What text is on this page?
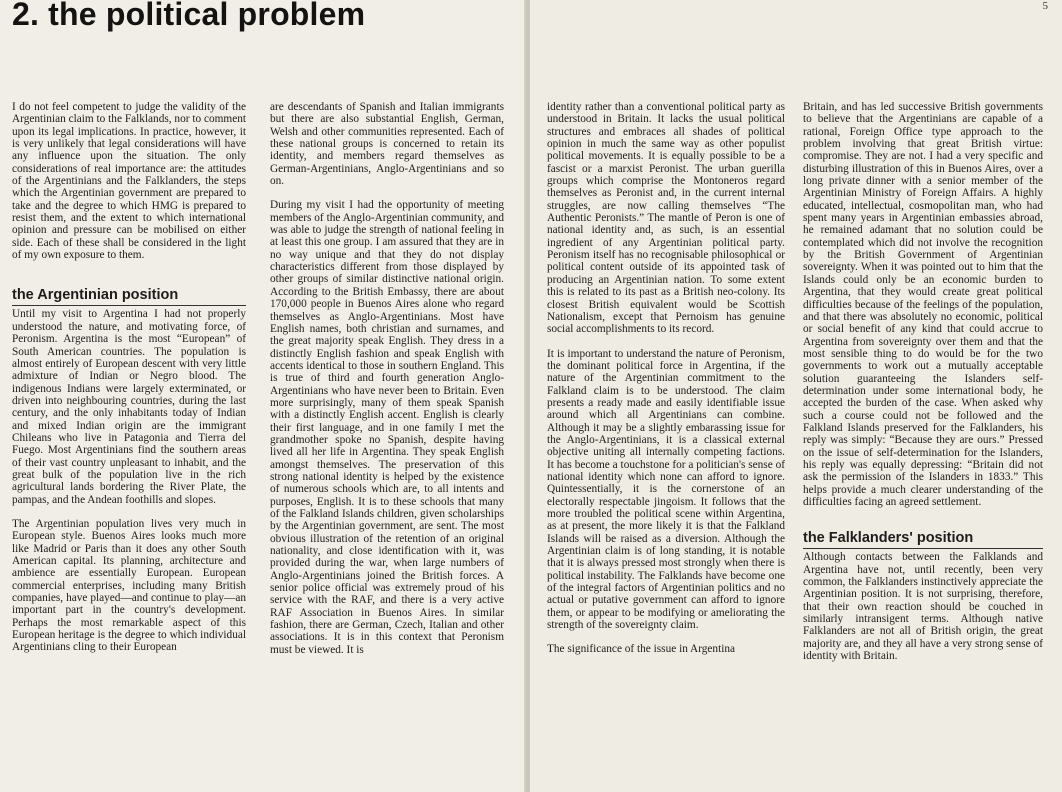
2. the political problem

I do not feel competent to judge the validity of the Argentinian claim to the Falklands, nor to comment upon its legal implications. In practice, however, it is very unlikely that legal considerations will have any influence upon the situation. The only considerations of real importance are: the attitudes of the Argentinians and the Falklanders, the steps which the Argentinian government are prepared to take and the degree to which HMG is prepared to resist them, and the extent to which international opinion and pressure can be mobilised on either side. Each of these shall be considered in the light of my own exposure to them.

the Argentinian position

Until my visit to Argentina I had not properly understood the nature, and motivating force, of Peronism. Argentina is the most “European” of South American countries. The population is almost entirely of European descent with very little admixture of Indian or Negro blood. The indigenous Indians were largely exterminated, or driven into neighbouring countries, during the last century, and the only inhabitants today of Indian and mixed Indian origin are the immigrant Chileans who live in Patagonia and Tierra del Fuego. Most Argentinians find the southern areas of their vast country unpleasant to inhabit, and the great bulk of the population live in the rich agricultural lands bordering the River Plate, the pampas, and the Andean foothills and slopes.

The Argentinian population lives very much in European style. Buenos Aires looks much more like Madrid or Paris than it does any other South American capital. Its planning, architecture and ambience are essentially European. European commercial enterprises, including many British companies, have played—and continue to play—an important part in the country's development. Perhaps the most remarkable aspect of this European heritage is the degree to which individual Argentinians cling to their European

are descendants of Spanish and Italian immigrants but there are also substantial English, German, Welsh and other communities represented. Each of these national groups is concerned to retain its identity, and members regard themselves as German-Argentinians, Anglo-Argentinians and so on.

During my visit I had the opportunity of meeting members of the Anglo-Argentinian community, and was able to judge the strength of national feeling in at least this one group. I am assured that they are in no way unique and that they do not display characteristics different from those displayed by other groups of similar distinctive national origin. According to the British Embassy, there are about 170,000 people in Buenos Aires alone who regard themselves as Anglo-Argentinians. Most have English names, both christian and surnames, and the great majority speak English. They dress in a distinctly English fashion and speak English with accents identical to those in southern England. This is true of third and fourth generation Anglo-Argentinians who have never been to Britain. Even more surprisingly, many of them speak Spanish with a distinctly English accent. English is clearly their first language, and in one family I met the grandmother spoke no Spanish, despite having lived all her life in Argentina. They speak English amongst themselves. The preservation of this strong national identity is helped by the existence of numerous schools which are, to all intents and purposes, English. It is to these schools that many of the Falkland Islands children, given scholarships by the Argentinian government, are sent. The most obvious illustration of the retention of an original nationality, and close identification with it, was provided during the war, when large numbers of Anglo-Argentinians joined the British forces. A senior police official was extremely proud of his service with the RAF, and there is a very active RAF Association in Buenos Aires. In similar fashion, there are German, Czech, Italian and other associations. It is in this context that Peronism must be viewed. It is

5

identity rather than a conventional political party as understood in Britain. It lacks the usual political structures and embraces all shades of political opinion in much the same way as other populist political movements. It is equally possible to be a fascist or a marxist Peronist. The urban guerilla groups which comprise the Montoneros regard themselves as Peronist and, in the current internal struggles, are now calling themselves “The Authentic Peronists.” The mantle of Peron is one of national identity and, as such, is an essential ingredient of any Argentinian political party. Peronism itself has no recognisable philosophical or political content outside of its appointed task of producing an Argentinian nation. To some extent this is related to its past as a British neo-colony. Its closest British equivalent would be Scottish Nationalism, except that Pernoism has genuine social accomplishments to its record.

It is important to understand the nature of Peronism, the dominant political force in Argentina, if the nature of the Argentinian commitment to the Falkland claim is to be understood. The claim presents a ready made and easily identifiable issue around which all Argentinians can combine. Although it may be a slightly embarassing issue for the Anglo-Argentinians, it is a classical external objective uniting all internally competing factions. It has become a touchstone for a politician's sense of national identity which none can afford to ignore. Quintessentially, it is the cornerstone of an electorally respectable jingoism. It follows that the more troubled the political scene within Argentina, as at present, the more likely it is that the Falkland Islands will be raised as a diversion. Although the Argentinian claim is of long standing, it is notable that it is always pressed most strongly when there is political instability. The Falklands have become one of the integral factors of Argentinian politics and no actual or putative government can afford to ignore them, or appear to be modifying or ameliorating the strength of the sovereignty claim.

The significance of the issue in Argentina

Britain, and has led successive British governments to believe that the Argentinians are capable of a rational, Foreign Office type approach to the problem involving that great British virtue: compromise. They are not. I had a very specific and disturbing illustration of this in Buenos Aires, over a long private dinner with a senior member of the Argentinian Ministry of Foreign Affairs. A highly educated, intellectual, cosmopolitan man, who had spent many years in Argentinian embassies abroad, he remained adamant that no solution could be contemplated which did not involve the recognition by the British Government of Argentinian sovereignty. When it was pointed out to him that the Islands could only be an economic burden to Argentina, that they would create great political difficulties because of the feelings of the population, and that there was absolutely no economic, political or social benefit of any kind that could accrue to Argentina from sovereignty over them and that the most sensible thing to do would be for the two governments to work out a mutually acceptable solution guaranteeing the Islanders self-determination under some international body, he accepted the burden of the case. When asked why such a course could not be followed and the Falkland Islands preserved for the Falklanders, his reply was simply: “Because they are ours.” Pressed on the issue of self-determination for the Islanders, his reply was equally depressing: “Britain did not ask the permission of the Islanders in 1833.” This helps provide a much clearer understanding of the difficulties facing an agreed settlement.

the Falklanders' position

Although contacts between the Falklands and Argentina have not, until recently, been very common, the Falklanders instinctively appreciate the Argentinian position. It is not surprising, therefore, that their own reaction should be couched in similarly intransigent terms. Although native Falklanders are not all of British origin, the great majority are, and they all have a very strong sense of identity with Britain.
